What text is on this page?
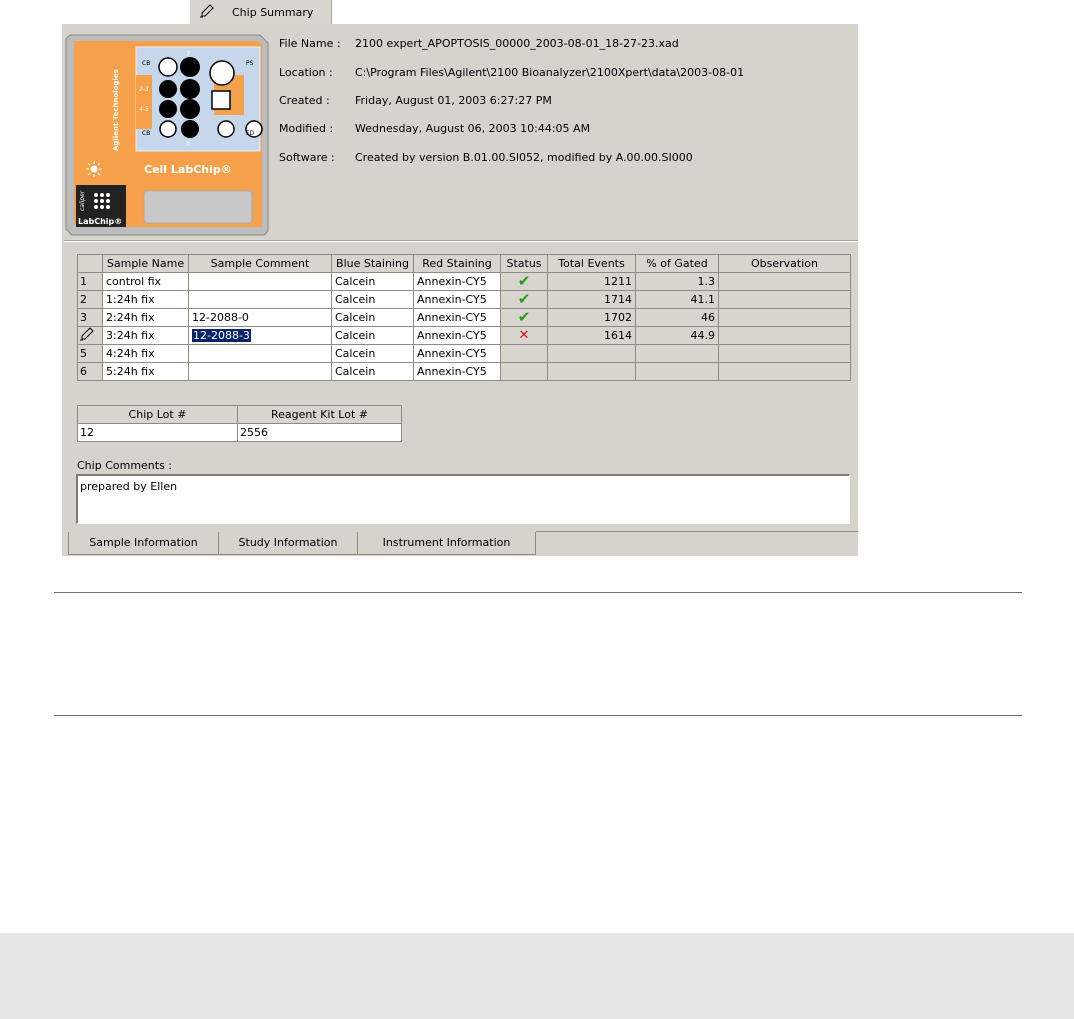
Chip Summary
7
6
CB
2-3
4-5
CB
PS
FD
Agilent Technologies
Cell LabChip®
caliper
LabChip®
File Name :	2100 expert_APOPTOSIS_00000_2003-08-01_18-27-23.xad
Location :	C:\Program Files\Agilent\2100 Bioanalyzer\2100Xpert\data\2003-08-01
Created :	Friday, August 01, 2003 6:27:27 PM
Modified :	Wednesday, August 06, 2003 10:44:05 AM
Software :	Created by version B.01.00.SI052, modified by A.00.00.SI000
	Sample Name	Sample Comment	Blue Staining	Red Staining	Status	Total Events	% of Gated	Observation
1	control fix		Calcein	Annexin-CY5	✔	1211	1.3	
2	1:24h fix		Calcein	Annexin-CY5	✔	1714	41.1	
3	2:24h fix	12-2088-0	Calcein	Annexin-CY5	✔	1702	46	
	3:24h fix	12-2088-3	Calcein	Annexin-CY5	✕	1614	44.9	
5	4:24h fix		Calcein	Annexin-CY5				
6	5:24h fix		Calcein	Annexin-CY5				
Chip Lot #	Reagent Kit Lot #
12	2556
Chip Comments :
prepared by Ellen
Sample Information	Study Information	Instrument Information
